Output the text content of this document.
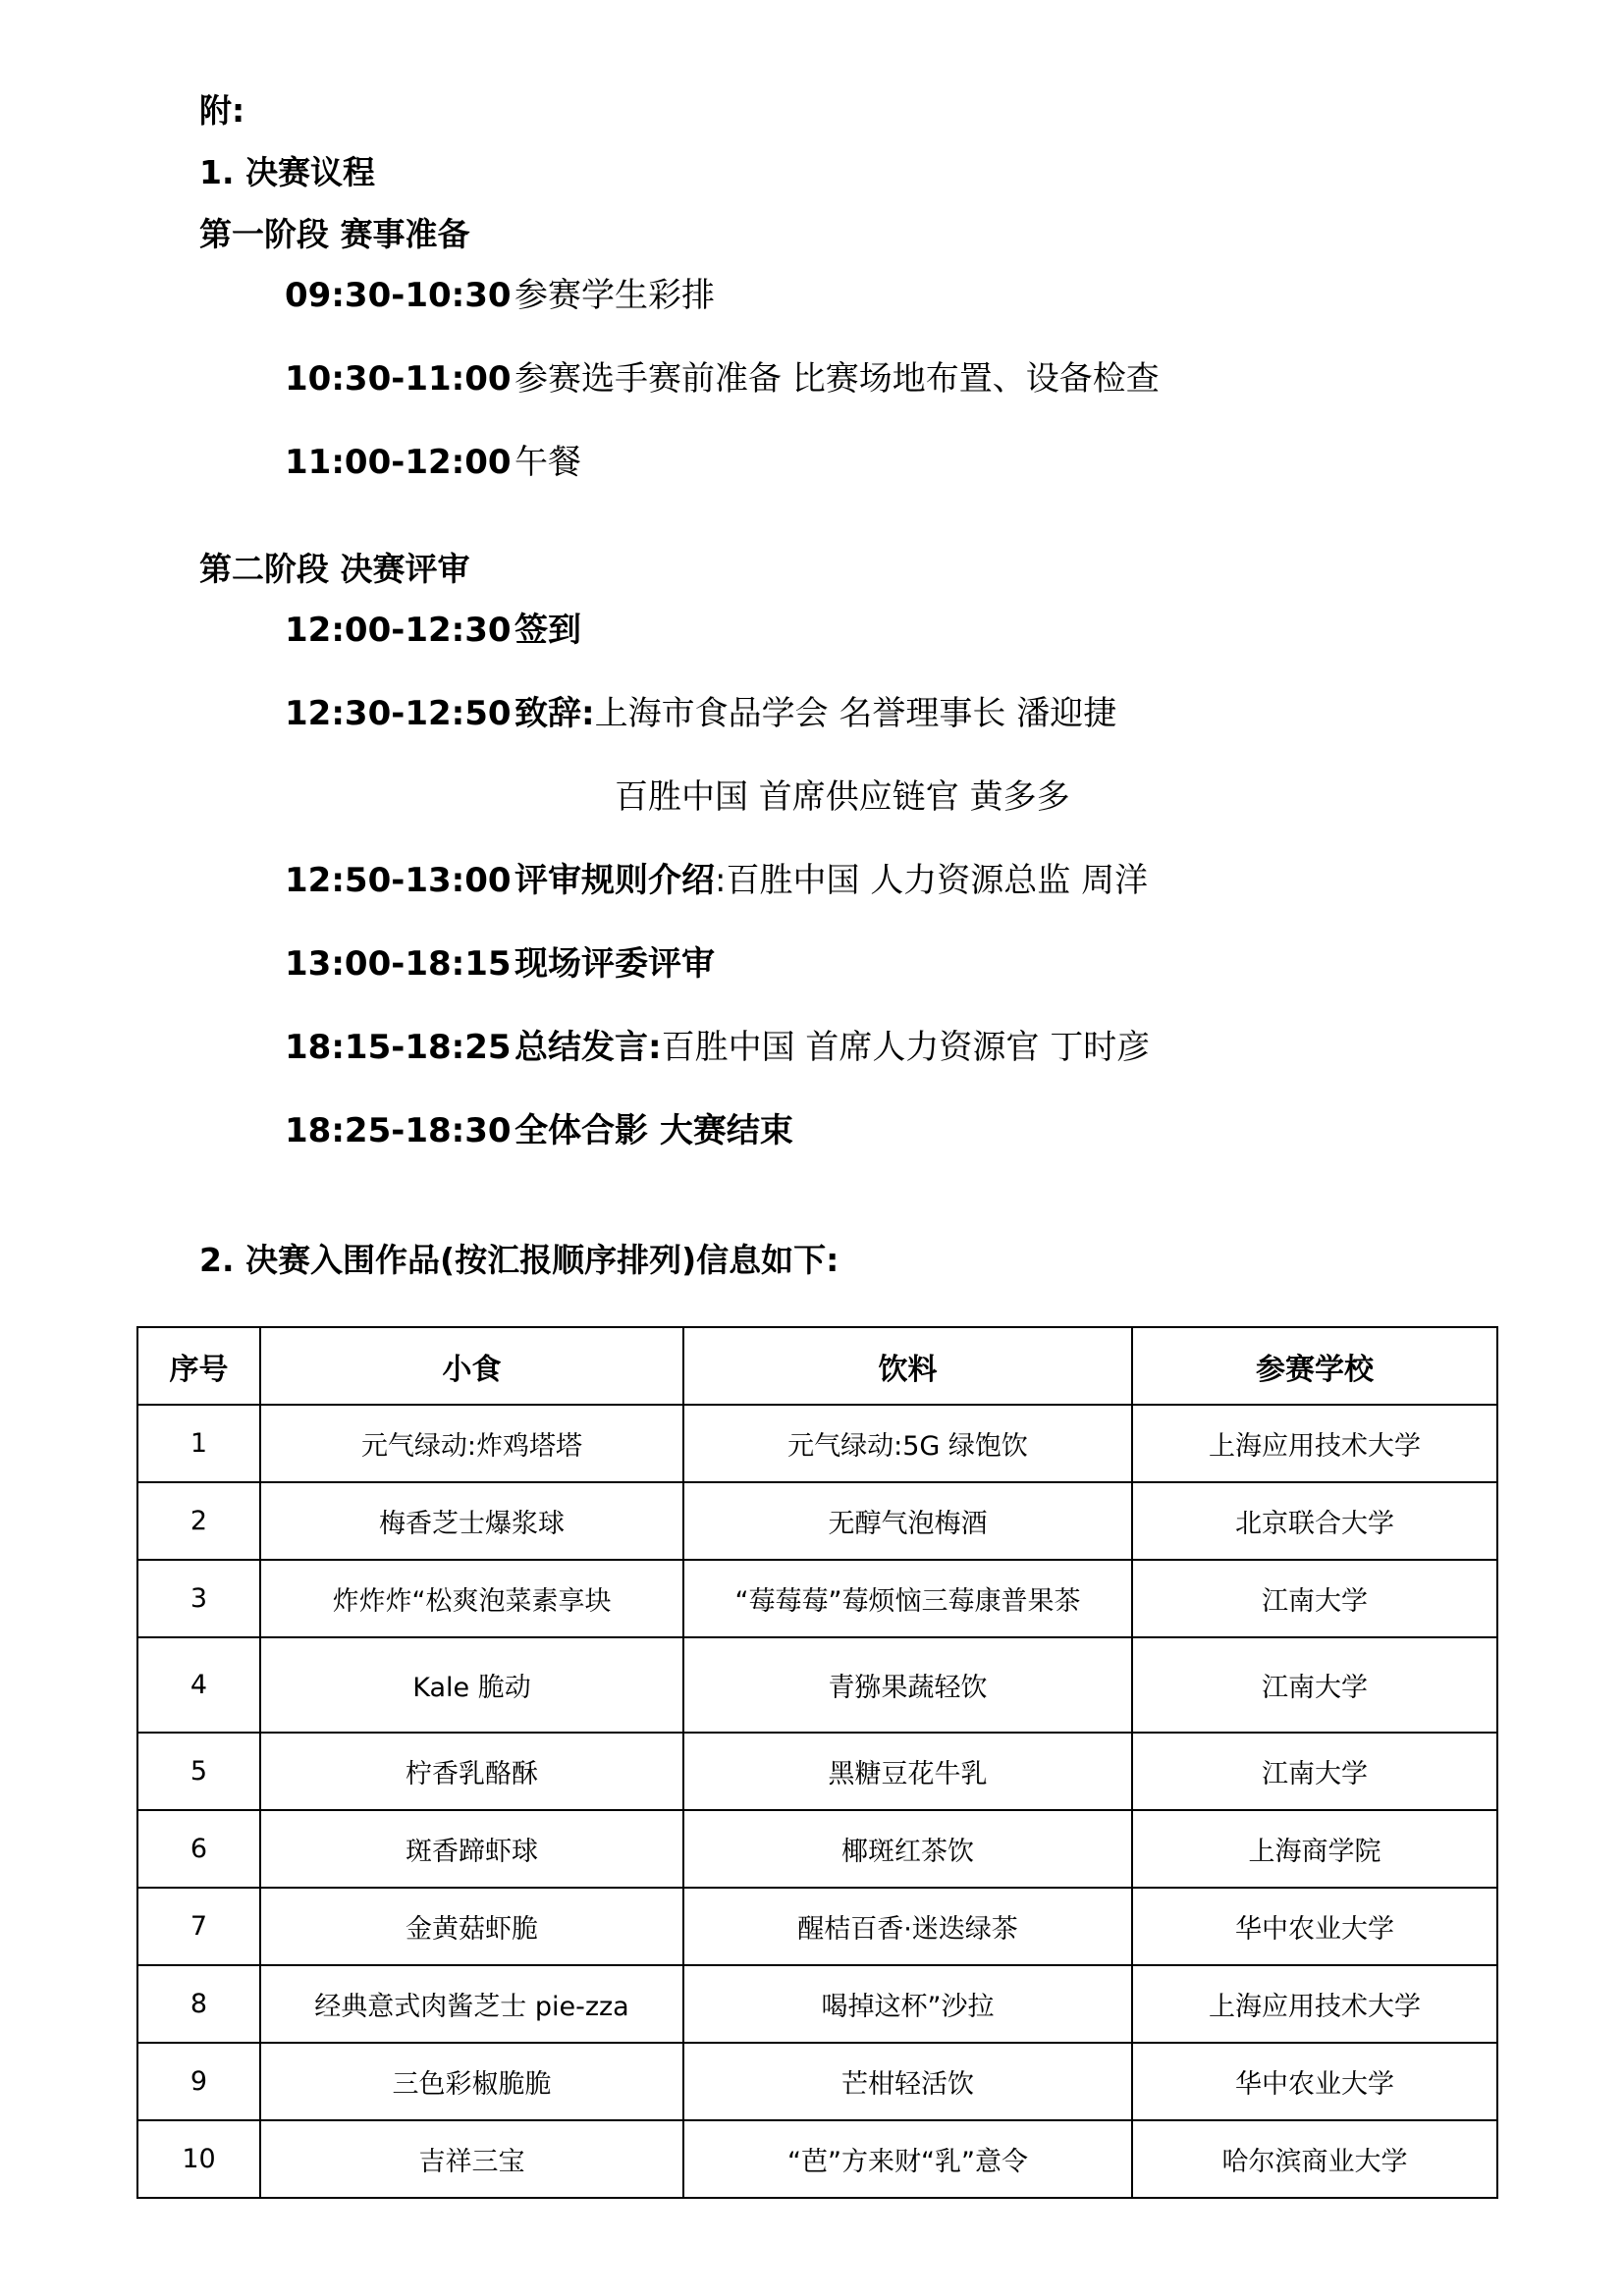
附:
1. 决赛议程
第一阶段 赛事准备
09:30-10:30 参赛学生彩排
10:30-11:00 参赛选手赛前准备 比赛场地布置、设备检查
11:00-12:00 午餐
第二阶段 决赛评审
12:00-12:30 签到
12:30-12:50 致辞:上海市食品学会 名誉理事长 潘迎捷
百胜中国 首席供应链官 黄多多
12:50-13:00 评审规则介绍:百胜中国 人力资源总监 周洋
13:00-18:15 现场评委评审
18:15-18:25 总结发言:百胜中国 首席人力资源官 丁时彦
18:25-18:30 全体合影 大赛结束
2. 决赛入围作品(按汇报顺序排列)信息如下:
序号	小食	饮料	参赛学校
1	元气绿动:炸鸡塔塔	元气绿动:5G 绿饱饮	上海应用技术大学
2	梅香芝士爆浆球	无醇气泡梅酒	北京联合大学
3	炸炸炸“松爽泡菜素享块	“莓莓莓”莓烦恼三莓康普果茶	江南大学
4	Kale 脆动	青猕果蔬轻饮	江南大学
5	柠香乳酪酥	黑糖豆花牛乳	江南大学
6	斑香蹄虾球	椰斑红茶饮	上海商学院
7	金黄菇虾脆	醒桔百香·迷迭绿茶	华中农业大学
8	经典意式肉酱芝士 pie-zza	喝掉这杯”沙拉	上海应用技术大学
9	三色彩椒脆脆	芒柑轻活饮	华中农业大学
10	吉祥三宝	“芭”方来财“乳”意令	哈尔滨商业大学
